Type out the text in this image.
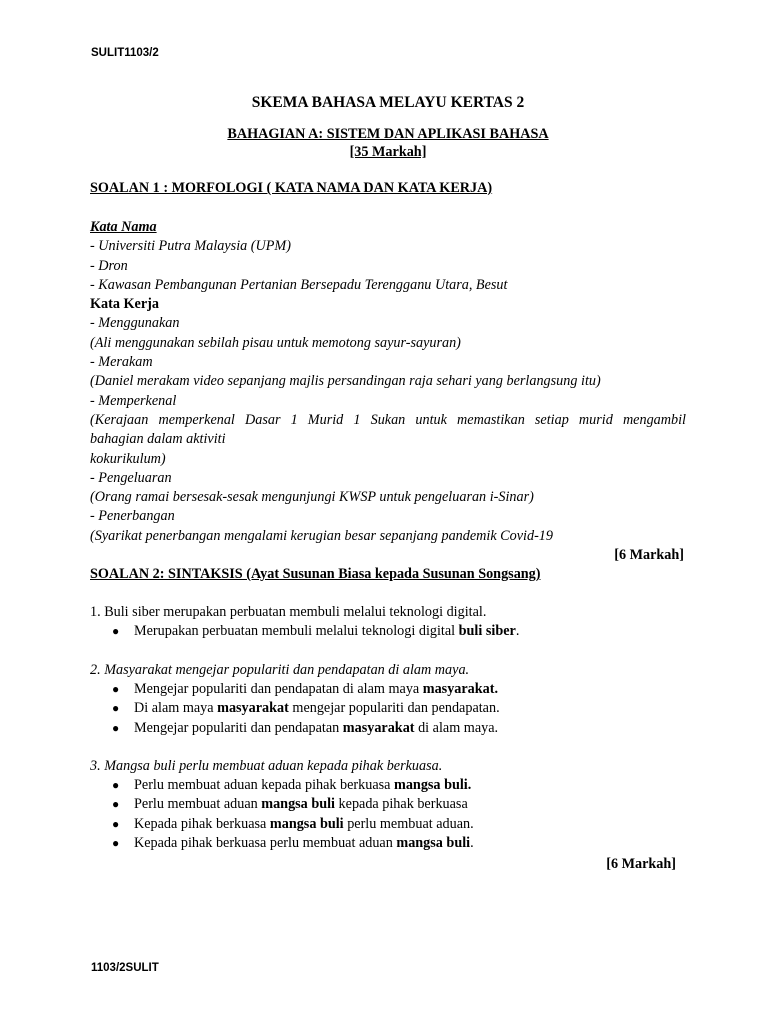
SULIT1103/2
SKEMA BAHASA MELAYU KERTAS 2
BAHAGIAN A: SISTEM DAN APLIKASI BAHASA
[35 Markah]
SOALAN 1 : MORFOLOGI ( KATA NAMA DAN KATA KERJA)
Kata Nama
- Universiti Putra Malaysia (UPM)
- Dron
- Kawasan Pembangunan Pertanian Bersepadu Terengganu Utara, Besut
Kata Kerja
- Menggunakan
(Ali menggunakan sebilah pisau untuk memotong sayur-sayuran)
- Merakam
(Daniel merakam video sepanjang majlis persandingan raja sehari yang berlangsung itu)
- Memperkenal
(Kerajaan memperkenal Dasar 1 Murid 1 Sukan untuk memastikan setiap murid mengambil
bahagian dalam aktiviti
kokurikulum)
- Pengeluaran
(Orang ramai bersesak-sesak mengunjungi KWSP untuk pengeluaran i-Sinar)
- Penerbangan
(Syarikat penerbangan mengalami kerugian besar sepanjang pandemik Covid-19
[6 Markah]
SOALAN 2: SINTAKSIS (Ayat Susunan Biasa kepada Susunan Songsang)
1. Buli siber merupakan perbuatan membuli melalui teknologi digital.
● Merupakan perbuatan membuli melalui teknologi digital buli siber.
2. Masyarakat mengejar populariti dan pendapatan di alam maya.
● Mengejar populariti dan pendapatan di alam maya masyarakat.
● Di alam maya masyarakat mengejar populariti dan pendapatan.
● Mengejar populariti dan pendapatan masyarakat di alam maya.
3. Mangsa buli perlu membuat aduan kepada pihak berkuasa.
● Perlu membuat aduan kepada pihak berkuasa mangsa buli.
● Perlu membuat aduan mangsa buli kepada pihak berkuasa
● Kepada pihak berkuasa mangsa buli perlu membuat aduan.
● Kepada pihak berkuasa perlu membuat aduan mangsa buli.
[6 Markah]
1103/2SULIT
